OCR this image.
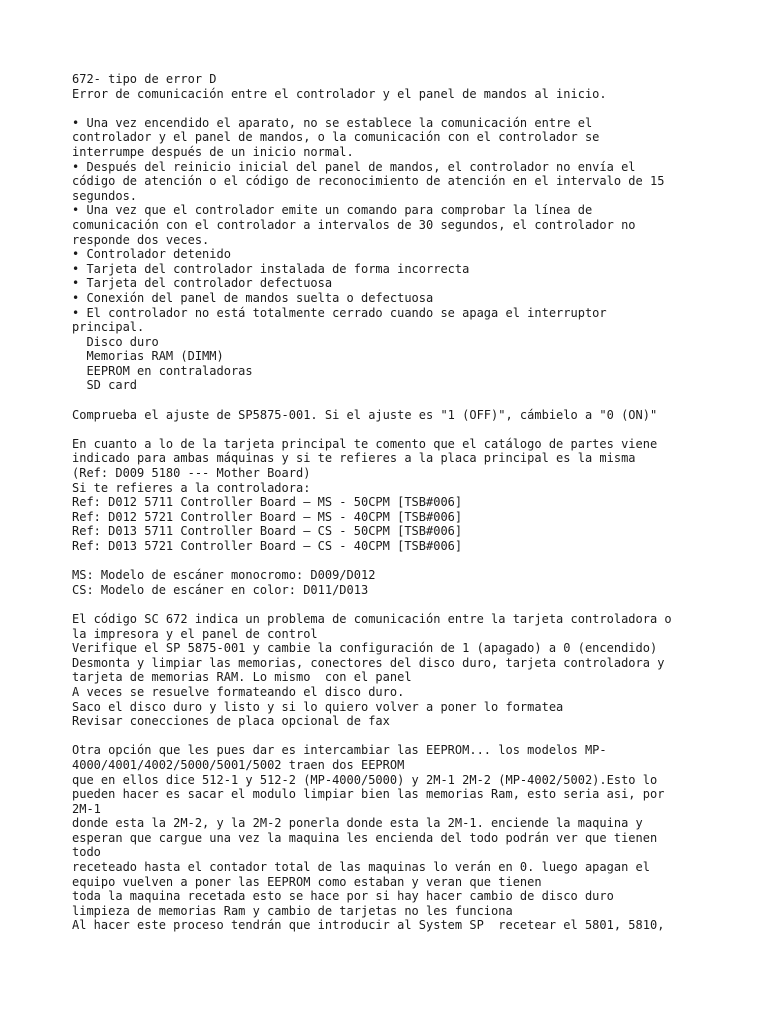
672- tipo de error D
Error de comunicación entre el controlador y el panel de mandos al inicio.
• Una vez encendido el aparato, no se establece la comunicación entre el
controlador y el panel de mandos, o la comunicación con el controlador se
interrumpe después de un inicio normal.
• Después del reinicio inicial del panel de mandos, el controlador no envía el
código de atención o el código de reconocimiento de atención en el intervalo de 15
segundos.
• Una vez que el controlador emite un comando para comprobar la línea de
comunicación con el controlador a intervalos de 30 segundos, el controlador no
responde dos veces.
• Controlador detenido
• Tarjeta del controlador instalada de forma incorrecta
• Tarjeta del controlador defectuosa
• Conexión del panel de mandos suelta o defectuosa
• El controlador no está totalmente cerrado cuando se apaga el interruptor
principal.
Disco duro
Memorias RAM (DIMM)
EEPROM en contraladoras
SD card
Comprueba el ajuste de SP5875-001. Si el ajuste es "1 (OFF)", cámbielo a "0 (ON)"
En cuanto a lo de la tarjeta principal te comento que el catálogo de partes viene
indicado para ambas máquinas y si te refieres a la placa principal es la misma
(Ref: D009 5180 --- Mother Board)
Si te refieres a la controladora:
Ref: D012 5711 Controller Board – MS - 50CPM [TSB#006]
Ref: D012 5721 Controller Board – MS - 40CPM [TSB#006]
Ref: D013 5711 Controller Board – CS - 50CPM [TSB#006]
Ref: D013 5721 Controller Board – CS - 40CPM [TSB#006]
MS: Modelo de escáner monocromo: D009/D012
CS: Modelo de escáner en color: D011/D013
El código SC 672 indica un problema de comunicación entre la tarjeta controladora o
la impresora y el panel de control
Verifique el SP 5875-001 y cambie la configuración de 1 (apagado) a 0 (encendido)
Desmonta y limpiar las memorias, conectores del disco duro, tarjeta controladora y
tarjeta de memorias RAM. Lo mismo  con el panel
A veces se resuelve formateando el disco duro.
Saco el disco duro y listo y si lo quiero volver a poner lo formatea
Revisar conecciones de placa opcional de fax
Otra opción que les pues dar es intercambiar las EEPROM... los modelos MP-
4000/4001/4002/5000/5001/5002 traen dos EEPROM
que en ellos dice 512-1 y 512-2 (MP-4000/5000) y 2M-1 2M-2 (MP-4002/5002).Esto lo
pueden hacer es sacar el modulo limpiar bien las memorias Ram, esto seria asi, por
2M-1
donde esta la 2M-2, y la 2M-2 ponerla donde esta la 2M-1. enciende la maquina y
esperan que cargue una vez la maquina les encienda del todo podrán ver que tienen
todo
receteado hasta el contador total de las maquinas lo verán en 0. luego apagan el
equipo vuelven a poner las EEPROM como estaban y veran que tienen
toda la maquina recetada esto se hace por si hay hacer cambio de disco duro
limpieza de memorias Ram y cambio de tarjetas no les funciona
Al hacer este proceso tendrán que introducir al System SP  recetear el 5801, 5810,
